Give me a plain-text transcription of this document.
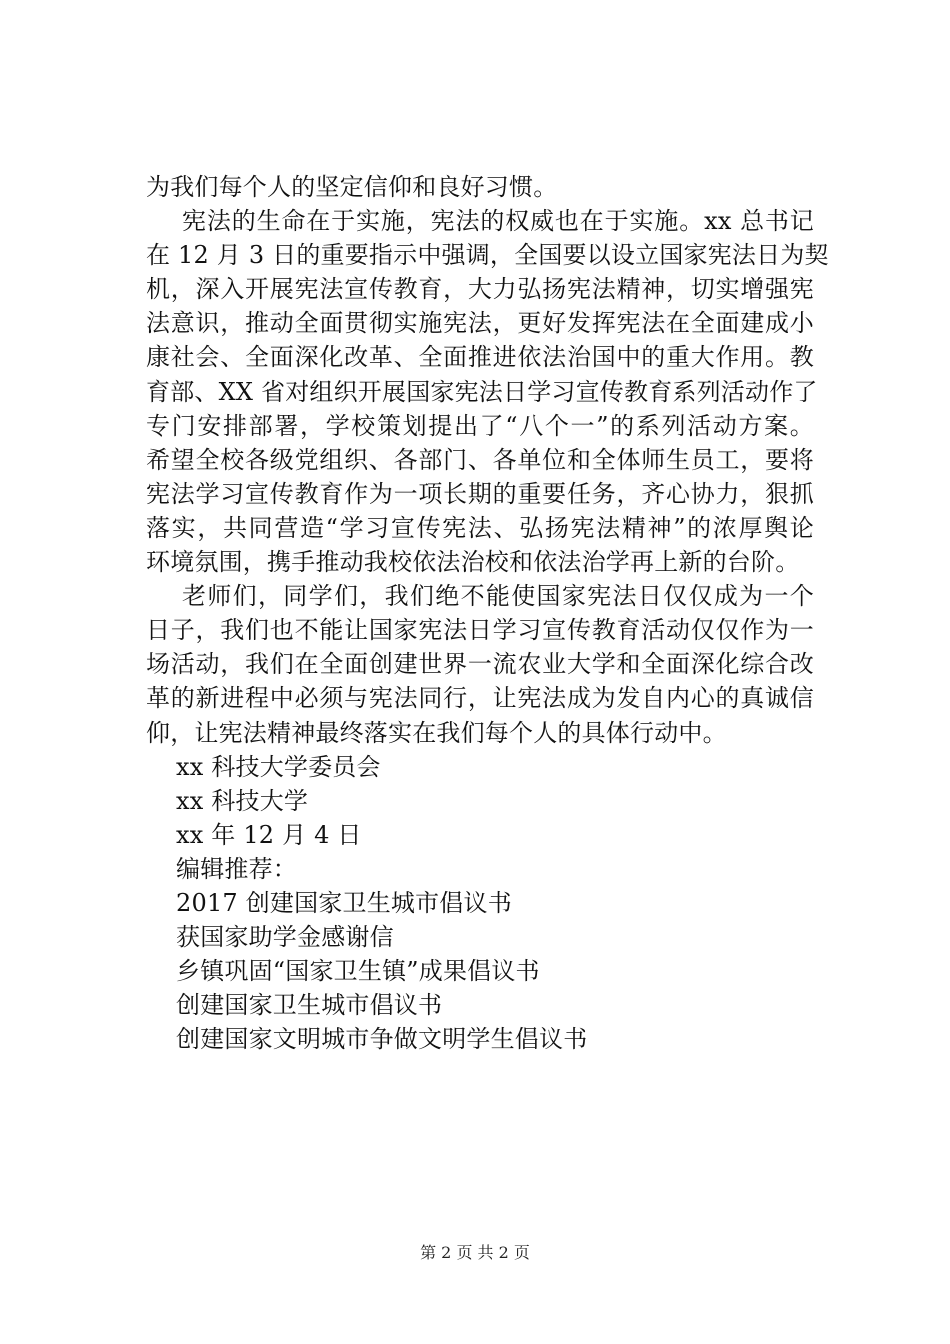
为我们每个人的坚定信仰和良好习惯。
宪法的生命在于实施，宪法的权威也在于实施。xx 总书记
在 12 月 3 日的重要指示中强调，全国要以设立国家宪法日为契
机，深入开展宪法宣传教育，大力弘扬宪法精神，切实增强宪
法意识，推动全面贯彻实施宪法，更好发挥宪法在全面建成小
康社会、全面深化改革、全面推进依法治国中的重大作用。教
育部、XX 省对组织开展国家宪法日学习宣传教育系列活动作了
专门安排部署，学校策划提出了“八个一”的系列活动方案。
希望全校各级党组织、各部门、各单位和全体师生员工，要将
宪法学习宣传教育作为一项长期的重要任务，齐心协力，狠抓
落实，共同营造“学习宣传宪法、弘扬宪法精神”的浓厚舆论
环境氛围，携手推动我校依法治校和依法治学再上新的台阶。
老师们，同学们，我们绝不能使国家宪法日仅仅成为一个
日子，我们也不能让国家宪法日学习宣传教育活动仅仅作为一
场活动，我们在全面创建世界一流农业大学和全面深化综合改
革的新进程中必须与宪法同行，让宪法成为发自内心的真诚信
仰，让宪法精神最终落实在我们每个人的具体行动中。
xx 科技大学委员会
xx 科技大学
xx 年 12 月 4 日
编辑推荐：
2017 创建国家卫生城市倡议书
获国家助学金感谢信
乡镇巩固“国家卫生镇”成果倡议书
创建国家卫生城市倡议书
创建国家文明城市争做文明学生倡议书
第 2 页 共 2 页
